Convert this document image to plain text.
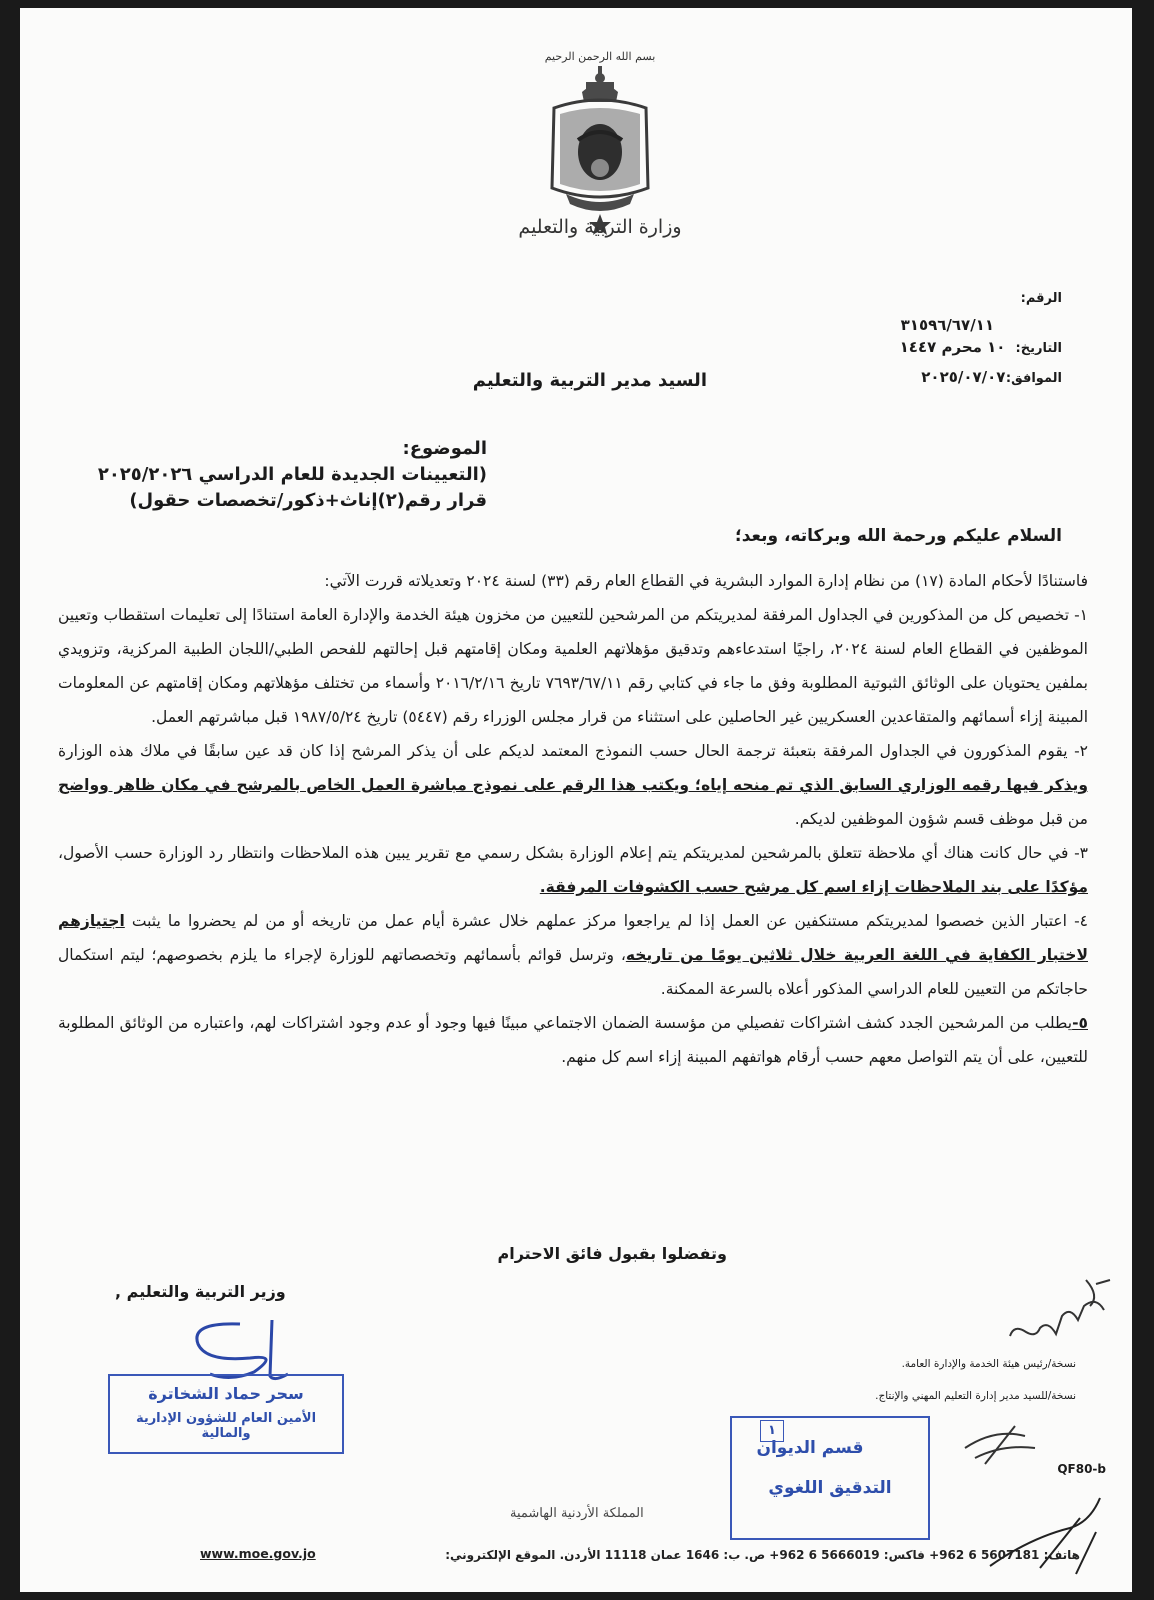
بسم الله الرحمن الرحيم
وزارة التربية والتعليم
الرقم:
٣١٥٩٦/٦٧/١١
التاريخ: ١٠ محرم ١٤٤٧
الموافق: ٢٠٢٥/٠٧/٠٧
السيد مدير التربية والتعليم
الموضوع:
(التعيينات الجديدة للعام الدراسي ٢٠٢٥/٢٠٢٦
قرار رقم(٢)إناث+ذكور/تخصصات حقول)
السلام عليكم ورحمة الله وبركاته، وبعد؛

فاستنادًا لأحكام المادة (١٧) من نظام إدارة الموارد البشرية في القطاع العام رقم (٣٣) لسنة ٢٠٢٤ وتعديلاته قررت الآتي:

١- تخصيص كل من المذكورين في الجداول المرفقة لمديريتكم من المرشحين للتعيين من مخزون هيئة الخدمة والإدارة العامة استنادًا إلى تعليمات استقطاب وتعيين الموظفين في القطاع العام لسنة ٢٠٢٤، راجيًا استدعاءهم وتدقيق مؤهلاتهم العلمية ومكان إقامتهم قبل إحالتهم للفحص الطبي/اللجان الطبية المركزية، وتزويدي بملفين يحتويان على الوثائق الثبوتية المطلوبة وفق ما جاء في كتابي رقم ٧٦٩٣/٦٧/١١ تاريخ ٢٠١٦/٢/١٦ وأسماء من تختلف مؤهلاتهم ومكان إقامتهم عن المعلومات المبينة إزاء أسمائهم والمتقاعدين العسكريين غير الحاصلين على استثناء من قرار مجلس الوزراء رقم (٥٤٤٧) تاريخ ١٩٨٧/٥/٢٤ قبل مباشرتهم العمل.

٢- يقوم المذكورون في الجداول المرفقة بتعبئة ترجمة الحال حسب النموذج المعتمد لديكم على أن يذكر المرشح إذا كان قد عين سابقًا في ملاك هذه الوزارة ويذكر فيها رقمه الوزاري السابق الذي تم منحه إياه؛ ويكتب هذا الرقم على نموذج مباشرة العمل الخاص بالمرشح في مكان ظاهر وواضح من قبل موظف قسم شؤون الموظفين لديكم.

٣- في حال كانت هناك أي ملاحظة تتعلق بالمرشحين لمديريتكم يتم إعلام الوزارة بشكل رسمي مع تقرير يبين هذه الملاحظات وانتظار رد الوزارة حسب الأصول، مؤكدًا على بند الملاحظات إزاء اسم كل مرشح حسب الكشوفات المرفقة.

٤- اعتبار الذين خصصوا لمديريتكم مستنكفين عن العمل إذا لم يراجعوا مركز عملهم خلال عشرة أيام عمل من تاريخه أو من لم يحضروا ما يثبت اجتيازهم لاختبار الكفاية في اللغة العربية خلال ثلاثين يومًا من تاريخه، وترسل قوائم بأسمائهم وتخصصاتهم للوزارة لإجراء ما يلزم بخصوصهم؛ ليتم استكمال حاجاتكم من التعيين للعام الدراسي المذكور أعلاه بالسرعة الممكنة.

٥-يطلب من المرشحين الجدد كشف اشتراكات تفصيلي من مؤسسة الضمان الاجتماعي مبينًا فيها وجود أو عدم وجود اشتراكات لهم، واعتباره من الوثائق المطلوبة للتعيين، على أن يتم التواصل معهم حسب أرقام هواتفهم المبينة إزاء اسم كل منهم.

وتفضلوا بقبول فائق الاحترام
وزير التربية والتعليم ,
سحر حماد الشخاترة
الأمين العام للشؤون الإدارية والمالية
نسخة/رئيس هيئة الخدمة والإدارة العامة.
نسخة/للسيد مدير إدارة التعليم المهني والإنتاج.
١
قسم الديوان
التدقيق اللغوي
QF80-b
المملكة الأردنية الهاشمية
www.moe.gov.jo	هاتف: 5607181 6 962+ فاكس: 5666019 6 962+ ص. ب: 1646 عمان 11118 الأردن. الموقع الإلكتروني:
